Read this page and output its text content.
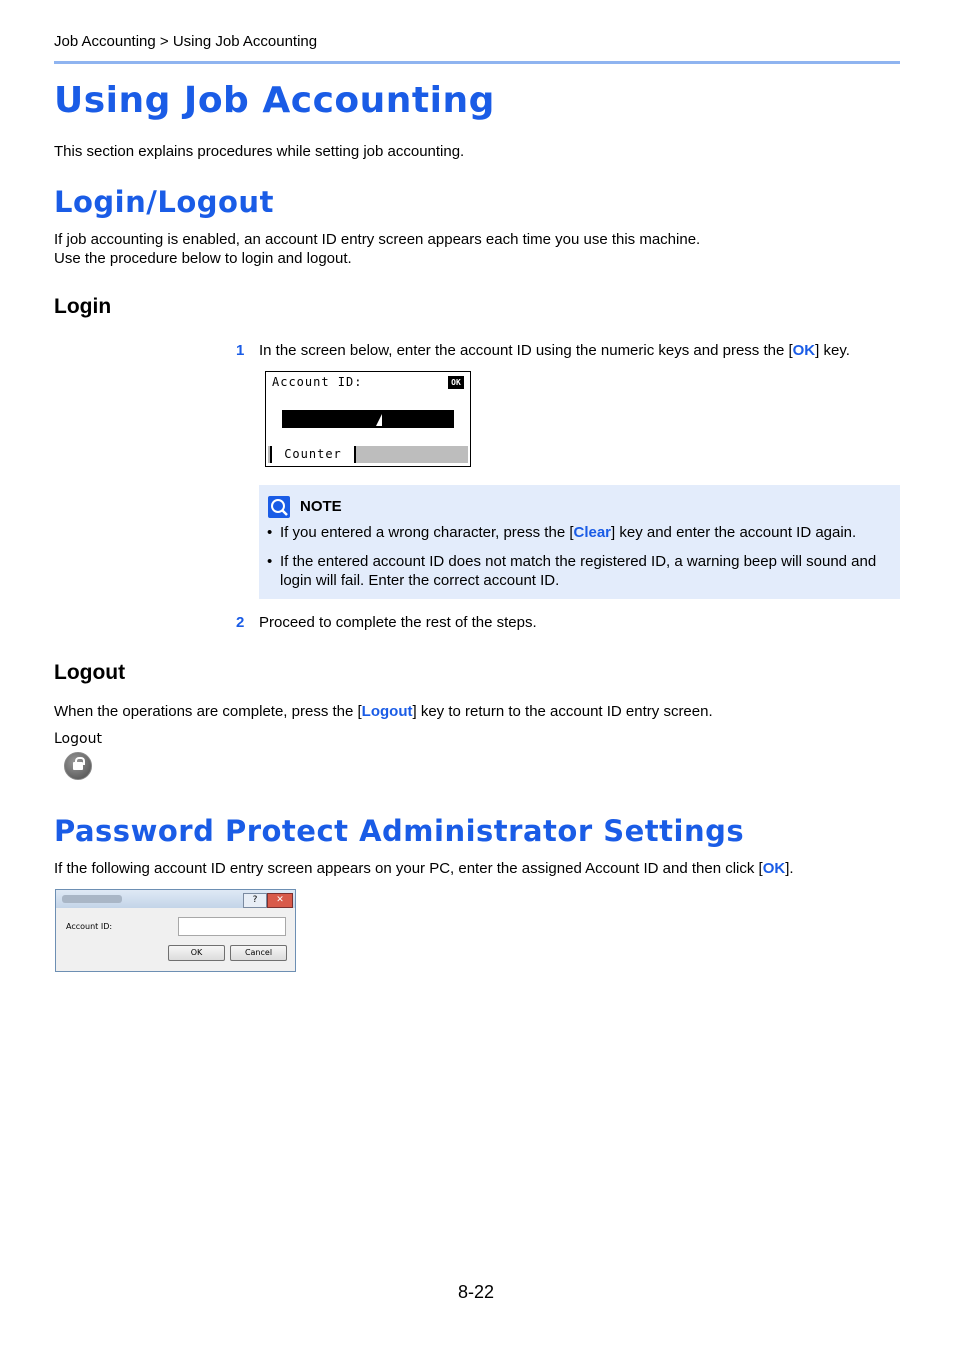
Job Accounting > Using Job Accounting
Using Job Accounting
This section explains procedures while setting job accounting.
Login/Logout
If job accounting is enabled, an account ID entry screen appears each time you use this machine.
Use the procedure below to login and logout.
Login
1 In the screen below, enter the account ID using the numeric keys and press the [OK] key.
Account ID:	OK
Counter
NOTE
• If you entered a wrong character, press the [Clear] key and enter the account ID again.
• If the entered account ID does not match the registered ID, a warning beep will sound and login will fail. Enter the correct account ID.
2 Proceed to complete the rest of the steps.
Logout
When the operations are complete, press the [Logout] key to return to the account ID entry screen.
Logout
Password Protect Administrator Settings
If the following account ID entry screen appears on your PC, enter the assigned Account ID and then click [OK].
?	✕
Account ID:
OK	Cancel
8-22
